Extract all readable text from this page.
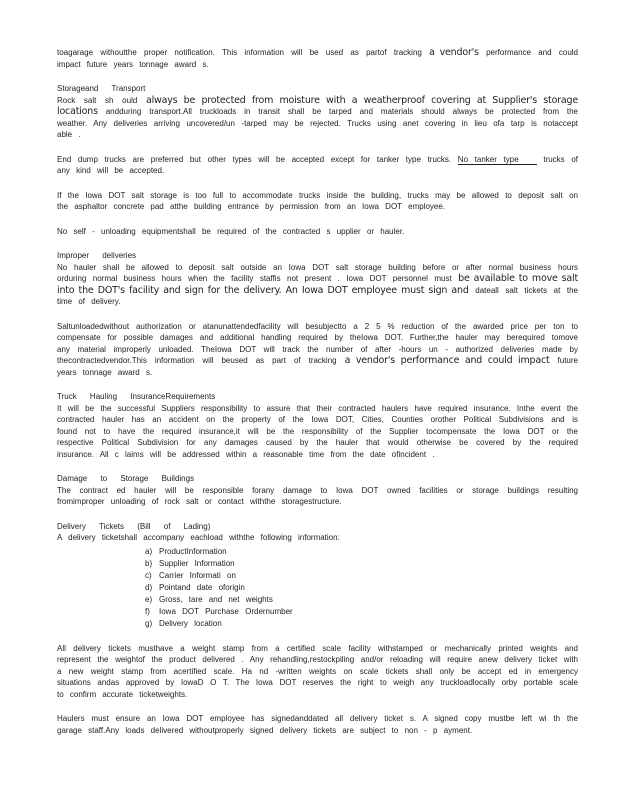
toagarage withoutthe proper notification. This information will be used as partof tracking a vendor's performance and could impact future years tonnage award s.

Storageand Transport

Rock salt sh ould always be protected from moisture with a weatherproof covering at Supplier's storage locations andduring transport.All truckloads in transit shall be tarped and materials should always be protected from the weather. Any deliveries arriving uncovered/un -tarped may be rejected. Trucks using anet covering in lieu ofa tarp is notaccept able .

End dump trucks are preferred but other types will be accepted except for tanker type trucks. No tanker type	trucks of any kind will be accepted.

If the Iowa DOT salt storage is too full to accommodate trucks inside the building, trucks may be allowed to deposit salt on the asphaltor concrete pad atthe building entrance by permission from an Iowa DOT employee.

No self - unloading equipmentshall be required of the contracted s upplier or hauler.

Improper deliveries

No hauler shall be allowed to deposit salt outside an Iowa DOT salt storage building before or after normal business hours orduring normal business hours when the facility staffis not present . Iowa DOT personnel must be available to move salt into the DOT's facility and sign for the delivery. An Iowa DOT employee must sign and dateall salt tickets at the time of delivery.

Saltunloadedwithout authorization or atanunattendedfacility will besubjectto a 2 5 % reduction of the awarded price per ton to compensate for possible damages and additional handling required by theIowa DOT. Further,the hauler may berequired tomove any material improperly unloaded. TheIowa DOT will track the number of after -hours un - authorized deliveries made by thecontractedvendor.This information will beused as part of tracking a vendor's performance and could impact future years tonnage award s.

Truck Hauling InsuranceRequirements

It will be the successful Suppliers responsibility to assure that their contracted haulers have required insurance. Inthe event the contracted hauler has an accident on the property of the Iowa DOT, Cities, Counties orother Political Subdivisions and is found not to have the required insurance,it will be the responsibility of the Supplier tocompensate the Iowa DOT or the respective Political Subdivision for any damages caused by the hauler that would otherwise be covered by the required insurance. All c laims will be addressed within a reasonable time from the date ofincident .

Damage to Storage Buildings

The contract ed hauler will be responsible forany damage to Iowa DOT owned facilities or storage buildings resulting fromimproper unloading of rock salt or contact withthe storagestructure.

Delivery Tickets (Bill of Lading)

A delivery ticketshall accompany eachload withthe following information:

a) ProductInformation
b) Supplier Information
c) Carrier Informati on
d) Pointand date oforigin
e) Gross, tare and net weights
f)	Iowa DOT Purchase Ordernumber
g) Delivery location

All delivery tickets musthave a weight stamp from a certified scale facility withstamped or mechanically printed weights and represent the weightof the product delivered . Any rehandling,restockpiling and/or reloading will require anew delivery ticket with a new weight stamp from acertified scale. Ha nd -written weights on scale tickets shall only be accept ed in emergency situations andas approved by IowaD O T. The Iowa DOT reserves the right to weigh any truckloadlocally orby portable scale to confirm accurate ticketweights.

Haulers must ensure an Iowa DOT employee has signedanddated all delivery ticket s. A signed copy mustbe left wi th the garage staff.Any loads delivered withoutproperly signed delivery tickets are subject to non - p ayment.
